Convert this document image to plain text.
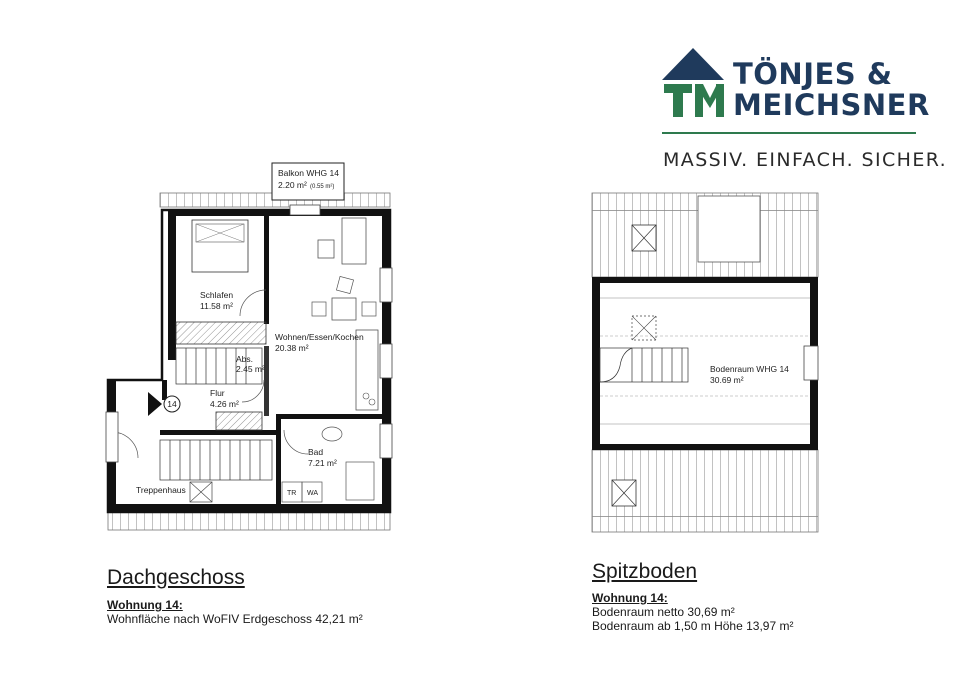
TÖNJES &
MEICHSNER
MASSIV. EINFACH. SICHER.
14
Balkon WHG 14
2.20 m² (0.55 m²)
Schlafen
11.58 m²
Wohnen/Essen/Kochen
20.38 m²
Abs.
2.45 m²
Flur
4.26 m²
Bad
7.21 m²
Treppenhaus	TR WA
Bodenraum WHG 14
30.69 m²
Dachgeschoss
Wohnung 14:
Wohnfläche nach WoFIV Erdgeschoss 42,21 m²
Spitzboden
Wohnung 14:
Bodenraum netto 30,69 m²
Bodenraum ab 1,50 m Höhe 13,97 m²
